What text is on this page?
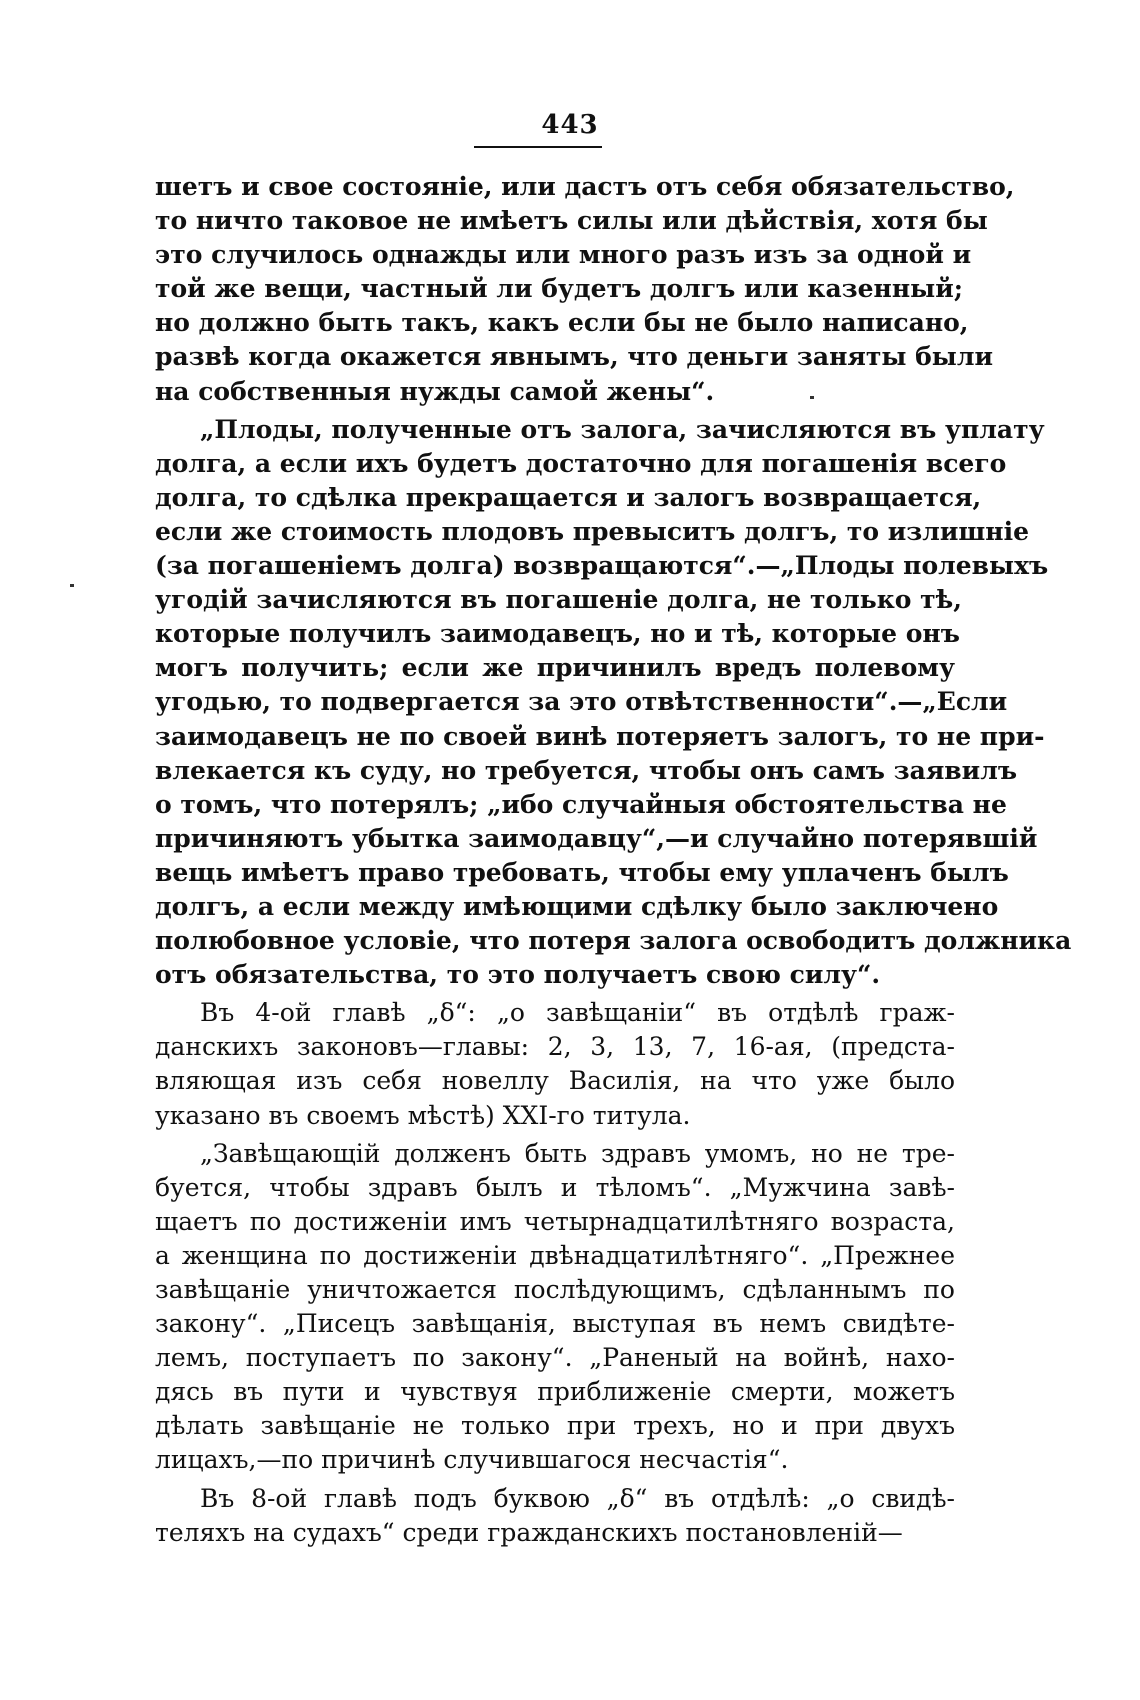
443
шетъ и свое состояніе, или дастъ отъ себя обязательство,
то ничто таковое не имѣетъ силы или дѣйствія, хотя бы
это случилось однажды или много разъ изъ за одной и
той же вещи, частный ли будетъ долгъ или казенный;
но должно быть такъ, какъ если бы не было написано,
развѣ когда окажется явнымъ, что деньги заняты были
на собственныя нужды самой жены“.
„Плоды, полученные отъ залога, зачисляются въ уплату
долга, а если ихъ будетъ достаточно для погашенія всего
долга, то сдѣлка прекращается и залогъ возвращается,
если же стоимость плодовъ превыситъ долгъ, то излишніе
(за погашеніемъ долга) возвращаются“.—„Плоды полевыхъ
угодій зачисляются въ погашеніе долга, не только тѣ,
которые получилъ заимодавецъ, но и тѣ, которые онъ
могъ получить; если же причинилъ вредъ полевому
угодью, то подвергается за это отвѣтственности“.—„Если
заимодавецъ не по своей винѣ потеряетъ залогъ, то не при-
влекается къ суду, но требуется, чтобы онъ самъ заявилъ
о томъ, что потерялъ; „ибо случайныя обстоятельства не
причиняютъ убытка заимодавцу“,—и случайно потерявшій
вещь имѣетъ право требовать, чтобы ему уплаченъ былъ
долгъ, а если между имѣющими сдѣлку было заключено
полюбовное условіе, что потеря залога освободитъ должника
отъ обязательства, то это получаетъ свою силу“.
Въ 4-ой главѣ „δ“: „о завѣщаніи“ въ отдѣлѣ граж-
данскихъ законовъ—главы: 2, 3, 13, 7, 16-ая, (предста-
вляющая изъ себя новеллу Василія, на что уже было
указано въ своемъ мѣстѣ) XXI-го титула.
„Завѣщающій долженъ быть здравъ умомъ, но не тре-
буется, чтобы здравъ былъ и тѣломъ“. „Мужчина завѣ-
щаетъ по достиженіи имъ четырнадцатилѣтняго возраста,
а женщина по достиженіи двѣнадцатилѣтняго“. „Прежнее
завѣщаніе уничтожается послѣдующимъ, сдѣланнымъ по
закону“. „Писецъ завѣщанія, выступая въ немъ свидѣте-
лемъ, поступаетъ по закону“. „Раненый на войнѣ, нахо-
дясь въ пути и чувствуя приближеніе смерти, можетъ
дѣлать завѣщаніе не только при трехъ, но и при двухъ
лицахъ,—по причинѣ случившагося несчастія“.
Въ 8-ой главѣ подъ буквою „δ“ въ отдѣлѣ: „о свидѣ-
теляхъ на судахъ“ среди гражданскихъ постановленій—
